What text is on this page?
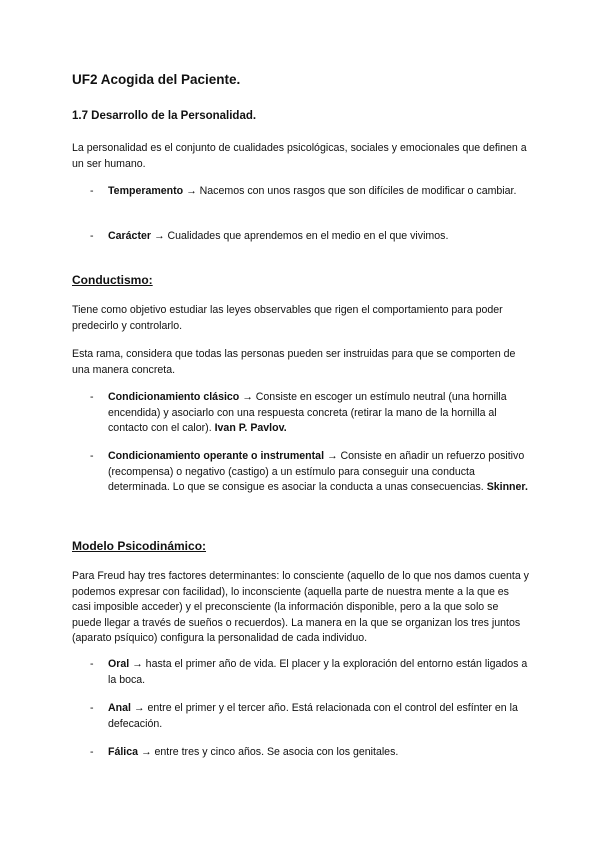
UF2 Acogida del Paciente.
1.7 Desarrollo de la Personalidad.
La personalidad es el conjunto de cualidades psicológicas, sociales y emocionales que definen a un ser humano.
- Temperamento → Nacemos con unos rasgos que son difíciles de modificar o cambiar.
- Carácter → Cualidades que aprendemos en el medio en el que vivimos.
Conductismo:
Tiene como objetivo estudiar las leyes observables que rigen el comportamiento para poder predecirlo y controlarlo.
Esta rama, considera que todas las personas pueden ser instruidas para que se comporten de una manera concreta.
- Condicionamiento clásico → Consiste en escoger un estímulo neutral (una hornilla encendida) y asociarlo con una respuesta concreta (retirar la mano de la hornilla al contacto con el calor). Ivan P. Pavlov.
- Condicionamiento operante o instrumental → Consiste en añadir un refuerzo positivo (recompensa) o negativo (castigo) a un estímulo para conseguir una conducta determinada. Lo que se consigue es asociar la conducta a unas consecuencias. Skinner.
Modelo Psicodinámico:
Para Freud hay tres factores determinantes: lo consciente (aquello de lo que nos damos cuenta y podemos expresar con facilidad), lo inconsciente (aquella parte de nuestra mente a la que es casi imposible acceder) y el preconsciente (la información disponible, pero a la que solo se puede llegar a través de sueños o recuerdos). La manera en la que se organizan los tres juntos (aparato psíquico) configura la personalidad de cada individuo.
- Oral → hasta el primer año de vida. El placer y la exploración del entorno están ligados a la boca.
- Anal → entre el primer y el tercer año. Está relacionada con el control del esfínter en la defecación.
- Fálica → entre tres y cinco años. Se asocia con los genitales.
